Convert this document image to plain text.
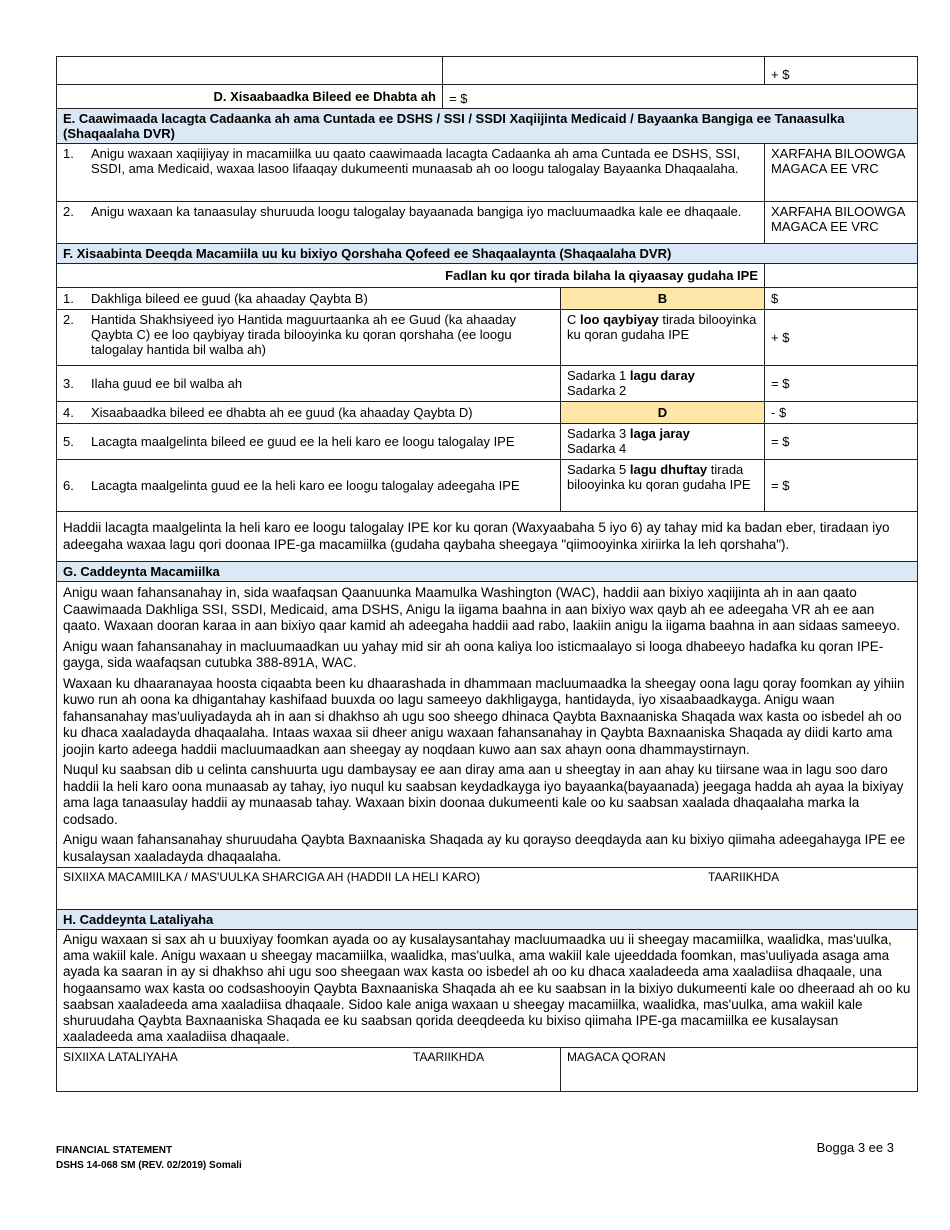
			+ $
D. Xisaabaadka Bileed ee Dhabta ah	= $		

E. Caawimaada lacagta Cadaanka ah ama Cuntada ee DSHS / SSI / SSDI Xaqiijinta Medicaid / Bayaanka Bangiga ee Tanaasulka (Shaqaalaha DVR)			

1. Anigu waxaan xaqiijiyay in macamiilka uu qaato caawimaada lacagta Cadaanka ah ama Cuntada ee DSHS, SSI, SSDI, ama Medicaid, waxaa lasoo lifaaqay dukumeenti munaasab ah oo loogu talogalay Bayaanka Dhaqaalaha.			XARFAHA BILOOWGA MAGACA EE VRC

2. Anigu waxaan ka tanaasulay shuruuda loogu talogalay bayaanada bangiga iyo macluumaadka kale ee dhaqaale.			XARFAHA BILOOWGA MAGACA EE VRC
F. Xisaabinta Deeqda Macamiila uu ku bixiyo Qorshaha Qofeed ee Shaqaalaynta (Shaqaalaha DVR)			
Fadlan ku qor tirada bilaha la qiyaasay gudaha IPE			

1. Dakhliga bileed ee guud (ka ahaaday Qaybta B)		B	$

2. Hantida Shakhsiyeed iyo Hantida maguurtaanka ah ee Guud (ka ahaaday Qaybta C) ee loo qaybiyay tirada bilooyinka ku qoran qorshaha (ee loogu talogalay hantida bil walba ah)		C loo qaybiyay tirada bilooyinka ku qoran gudaha IPE	+ $

3. Ilaha guud ee bil walba ah		Sadarka 1 lagu daray
Sadarka 2	= $

4. Xisaabaadka bileed ee dhabta ah ee guud (ka ahaaday Qaybta D)		D	- $

5. Lacagta maalgelinta bileed ee guud ee la heli karo ee loogu talogalay IPE		Sadarka 3 laga jaray
Sadarka 4	= $

6. Lacagta maalgelinta guud ee la heli karo ee loogu talogalay adeegaha IPE		Sadarka 5 lagu dhuftay tirada bilooyinka ku qoran gudaha IPE	= $
Haddii lacagta maalgelinta la heli karo ee loogu talogalay IPE kor ku qoran (Waxyaabaha 5 iyo 6) ay tahay mid ka badan eber, tiradaan iyo adeegaha waxaa lagu qori doonaa IPE-ga macamiilka (gudaha qaybaha sheegaya "qiimooyinka xiriirka la leh qorshaha").			
G. Caddeynta Macamiilka			

Anigu waan fahansanahay in, sida waafaqsan Qaanuunka Maamulka Washington (WAC), haddii aan bixiyo xaqiijinta ah in aan qaato Caawimaada Dakhliga SSI, SSDI, Medicaid, ama DSHS, Anigu la iigama baahna in aan bixiyo wax qayb ah ee adeegaha VR ah ee aan qaato. Waxaan dooran karaa in aan bixiyo qaar kamid ah adeegaha haddii aad rabo, laakiin anigu la iigama baahna in aan sidaas sameeyo.

Anigu waan fahansanahay in macluumaadkan uu yahay mid sir ah oona kaliya loo isticmaalayo si looga dhabeeyo hadafka ku qoran IPE-gayga, sida waafaqsan cutubka 388-891A, WAC.

Waxaan ku dhaaranayaa hoosta ciqaabta been ku dhaarashada in dhammaan macluumaadka la sheegay oona lagu qoray foomkan ay yihiin kuwo run ah oona ka dhigantahay kashifaad buuxda oo lagu sameeyo dakhligayga, hantidayda, iyo xisaabaadkayga. Anigu waan fahansanahay mas'uuliyadayda ah in aan si dhakhso ah ugu soo sheego dhinaca Qaybta Baxnaaniska Shaqada wax kasta oo isbedel ah oo ku dhaca xaaladayda dhaqaalaha. Intaas waxaa sii dheer anigu waxaan fahansanahay in Qaybta Baxnaaniska Shaqada ay diidi karto ama joojin karto adeega haddii macluumaadkan aan sheegay ay noqdaan kuwo aan sax ahayn oona dhammaystirnayn.

Nuqul ku saabsan dib u celinta canshuurta ugu dambaysay ee aan diray ama aan u sheegtay in aan ahay ku tiirsane waa in lagu soo daro haddii la heli karo oona munaasab ay tahay, iyo nuqul ku saabsan keydadkayga iyo bayaanka(bayaanada) jeegaga hadda ah ayaa la bixiyay ama laga tanaasulay haddii ay munaasab tahay. Waxaan bixin doonaa dukumeenti kale oo ku saabsan xaalada dhaqaalaha marka la codsado.

Anigu waan fahansanahay shuruudaha Qaybta Baxnaaniska Shaqada ay ku qorayso deeqdayda aan ku bixiyo qiimaha adeegahayga IPE ee kusalaysan xaaladayda dhaqaalaha.			

SIXIIXA MACAMIILKA / MAS'UULKA SHARCIGA AH (HADDII LA HELI KARO) TAARIIKHDA			

H. Caddeynta Lataliyaha			
Anigu waxaan si sax ah u buuxiyay foomkan ayada oo ay kusalaysantahay macluumaadka uu ii sheegay macamiilka, waalidka, mas'uulka, ama wakiil kale. Anigu waxaan u sheegay macamiilka, waalidka, mas'uulka, ama wakiil kale ujeeddada foomkan, mas'uuliyada asaga ama ayada ka saaran in ay si dhakhso ahi ugu soo sheegaan wax kasta oo isbedel ah oo ku dhaca xaaladeeda ama xaaladiisa dhaqaale, una hogaansamo wax kasta oo codsashooyin Qaybta Baxnaaniska Shaqada ah ee ku saabsan in la bixiyo dukumeenti kale oo dheeraad ah oo ku saabsan xaaladeeda ama xaaladiisa dhaqaale. Sidoo kale aniga waxaan u sheegay macamiilka, waalidka, mas'uulka, ama wakiil kale shuruudaha Qaybta Baxnaaniska Shaqada ee ku saabsan qorida deeqdeeda ku bixiso qiimaha IPE-ga macamiilka ee kusalaysan xaaladeeda ama xaaladiisa dhaqaale.			

SIXIIXA LATALIYAHA TAARIIKHDA		MAGACA QORAN	
FINANCIAL STATEMENT
DSHS 14-068 SM (REV. 02/2019) Somali
Bogga 3 ee 3
